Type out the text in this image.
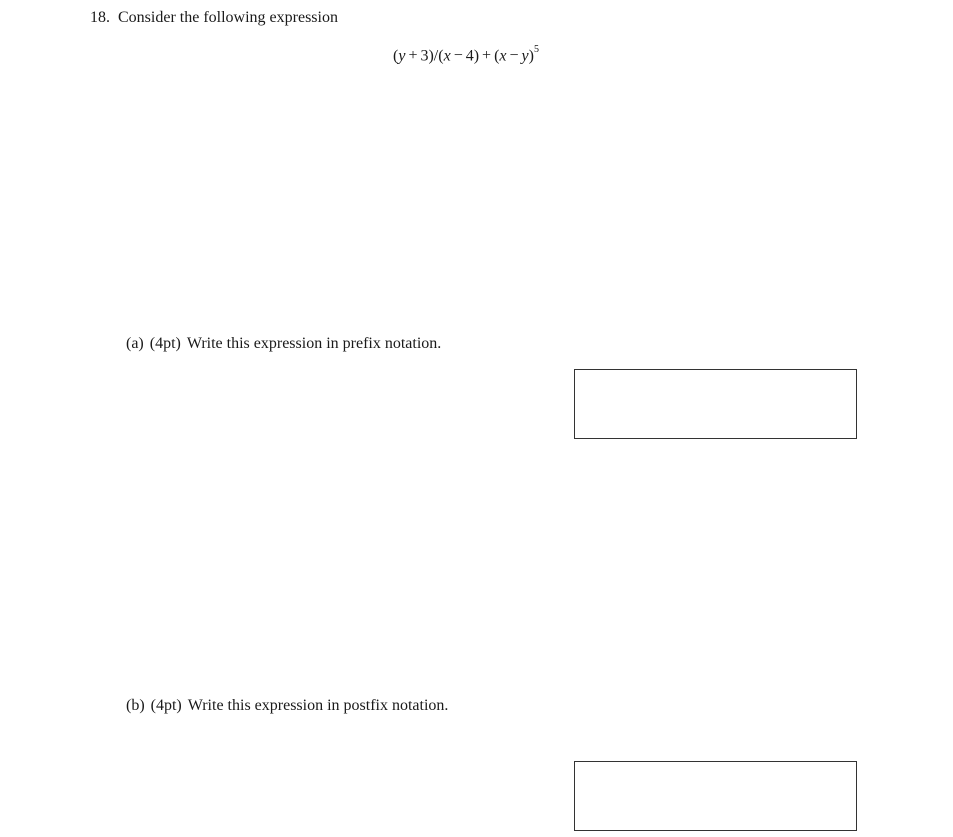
18. Consider the following expression
$(y + 3)/(x - 4) + (x - y)^5$
(a) (4pt) Write this expression in prefix notation.
(b) (4pt) Write this expression in postfix notation.
